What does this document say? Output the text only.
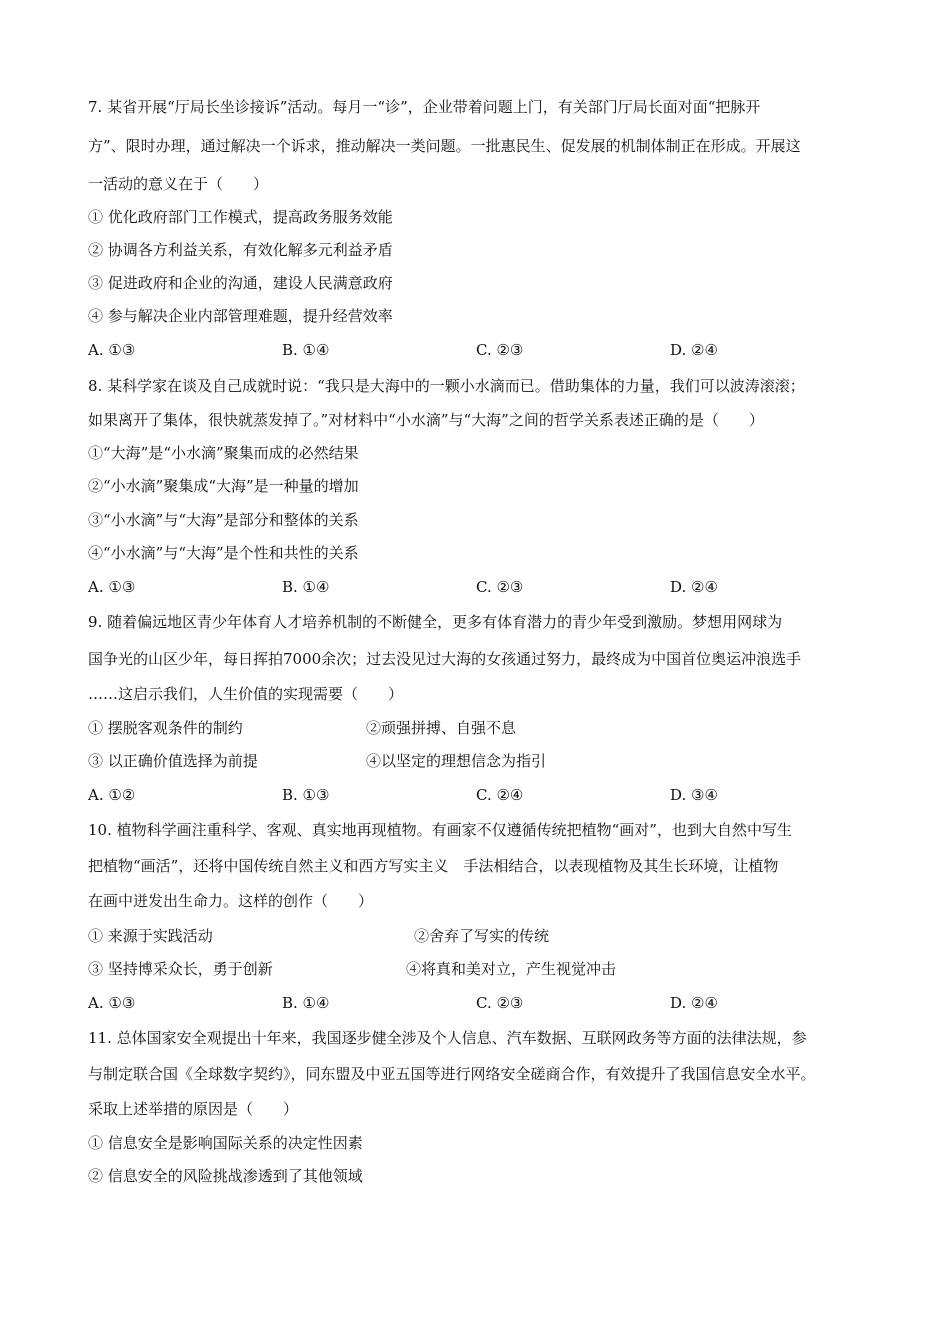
7. 某省开展“厅局长坐诊接诉”活动。每月一“诊”，企业带着问题上门，有关部门厅局长面对面“把脉开
方”、限时办理，通过解决一个诉求，推动解决一类问题。一批惠民生、促发展的机制体制正在形成。开展这
一活动的意义在于（　　）
① 优化政府部门工作模式，提高政务服务效能
② 协调各方利益关系，有效化解多元利益矛盾
③ 促进政府和企业的沟通，建设人民满意政府
④ 参与解决企业内部管理难题，提升经营效率
A. ①③	B. ①④	C. ②③	D. ②④
8. 某科学家在谈及自己成就时说：“我只是大海中的一颗小水滴而已。借助集体的力量，我们可以波涛滚滚；
如果离开了集体，很快就蒸发掉了。”对材料中“小水滴”与“大海”之间的哲学关系表述正确的是（　　）
①“大海”是“小水滴”聚集而成的必然结果
②“小水滴”聚集成“大海”是一种量的增加
③“小水滴”与“大海”是部分和整体的关系
④“小水滴”与“大海”是个性和共性的关系
A. ①③	B. ①④	C. ②③	D. ②④
9. 随着偏远地区青少年体育人才培养机制的不断健全，更多有体育潜力的青少年受到激励。梦想用网球为
国争光的山区少年，每日挥拍7000余次；过去没见过大海的女孩通过努力，最终成为中国首位奥运冲浪选手
……这启示我们，人生价值的实现需要（　　）
① 摆脱客观条件的制约	②顽强拼搏、自强不息
③ 以正确价值选择为前提	④以坚定的理想信念为指引
A. ①②	B. ①③	C. ②④	D. ③④
10. 植物科学画注重科学、客观、真实地再现植物。有画家不仅遵循传统把植物“画对”，也到大自然中写生
把植物“画活”，还将中国传统自然主义和西方写实主义　手法相结合，以表现植物及其生长环境，让植物
在画中迸发出生命力。这样的创作（　　）
① 来源于实践活动	②舍弃了写实的传统
③ 坚持博采众长，勇于创新	④将真和美对立，产生视觉冲击
A. ①③	B. ①④	C. ②③	D. ②④
11. 总体国家安全观提出十年来，我国逐步健全涉及个人信息、汽车数据、互联网政务等方面的法律法规，参
与制定联合国《全球数字契约》，同东盟及中亚五国等进行网络安全磋商合作，有效提升了我国信息安全水平。
采取上述举措的原因是（　　）
① 信息安全是影响国际关系的决定性因素
② 信息安全的风险挑战渗透到了其他领域
